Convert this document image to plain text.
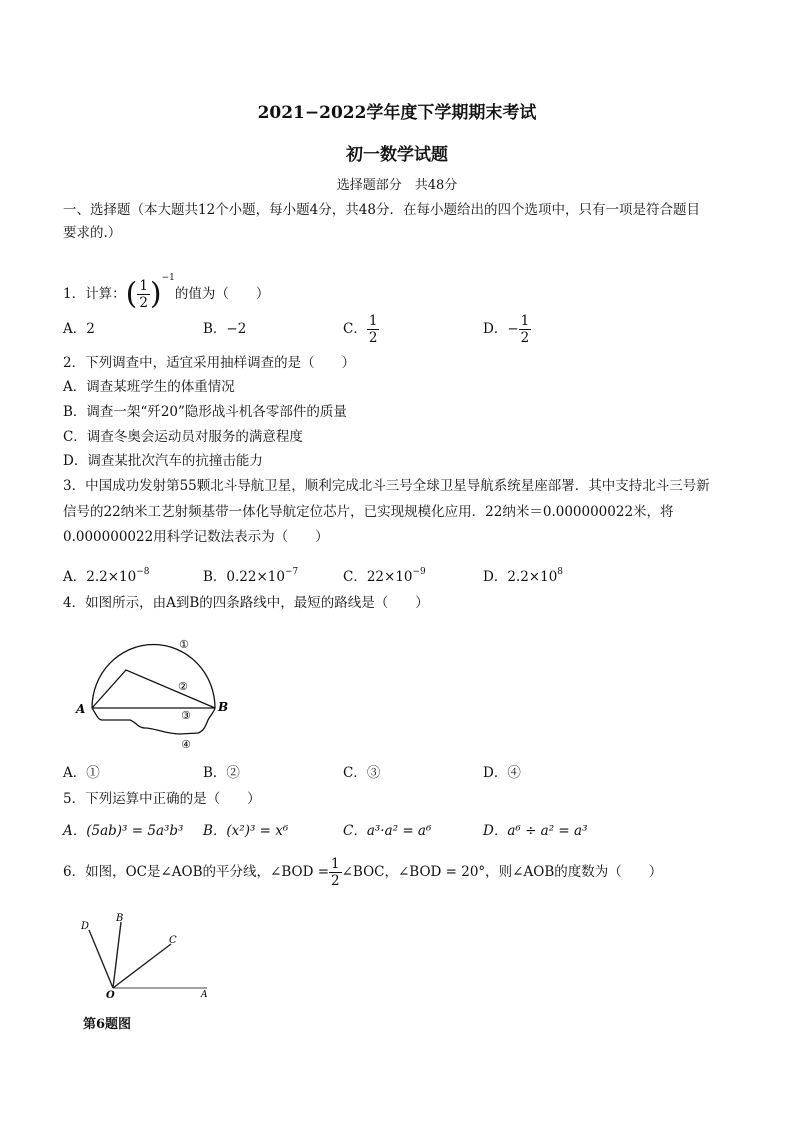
2021−2022学年度下学期期末考试
初一数学试题
选择题部分　共48分
一、选择题（本大题共12个小题，每小题4分，共48分．在每小题给出的四个选项中，只有一项是符合题目
要求的.）
1．计算：( $\frac{1}{2} )^{-1}$的值为（　　）
A．2	B．−2	C． $\frac{1}{2}$	D．− $\frac{1}{2}$
2．下列调查中，适宜采用抽样调查的是（　　）
A．调查某班学生的体重情况
B．调查一架“歼20”隐形战斗机各零部件的质量
C．调查冬奥会运动员对服务的满意程度
D．调查某批次汽车的抗撞击能力
3．中国成功发射第55颗北斗导航卫星，顺利完成北斗三号全球卫星导航系统星座部署．其中支持北斗三号新
信号的22纳米工艺射频基带一体化导航定位芯片，已实现规模化应用．22纳米＝0.000000022米，将
0.000000022用科学记数法表示为（　　）
A．$2.2\times 10^{-8}$	B．$0.22\times 10^{-7}$	C．$22\times 10^{-9}$	D．$2.2\times 10^8$
4．如图所示，由A到B的四条路线中，最短的路线是（　　）
A	B
①
②
③
④
A．①	B．②	C．③	D．④
5．下列运算中正确的是（　　）
A．(5ab)³ = 5a³b³ B．(x²)³ = x⁶	C．a³·a² = a⁶	D．a⁶ ÷ a² = a³
6．如图，OC是∠AOB的平分线，∠BOD = $\frac{1}{2}$ ∠BOC，∠BOD = 20°，则∠AOB的度数为（　　）
D
B
C
O	A
第6题图
